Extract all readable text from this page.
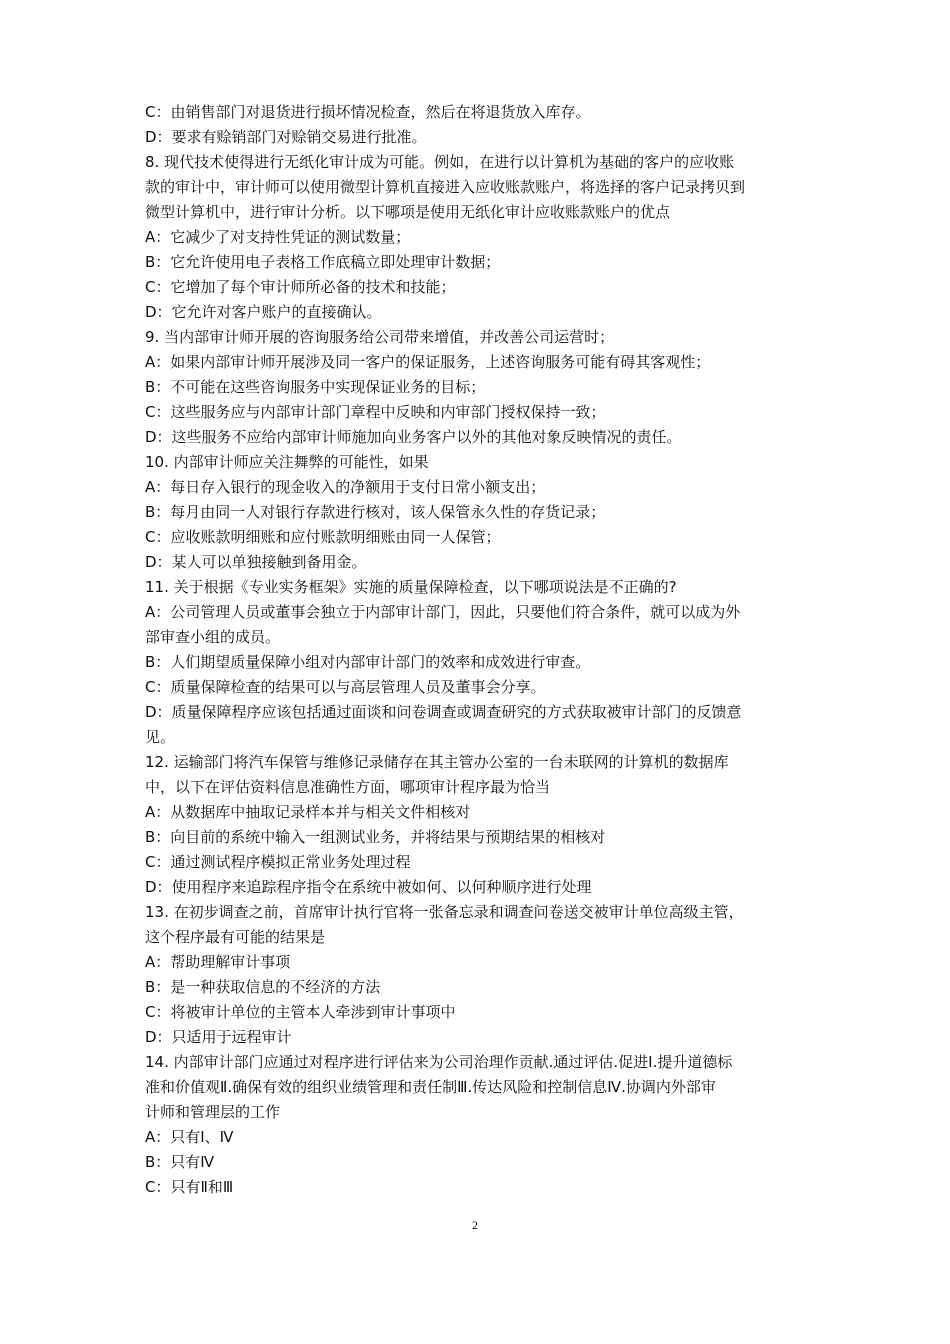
C：由销售部门对退货进行损坏情况检查，然后在将退货放入库存。

D：要求有赊销部门对赊销交易进行批准。

8. 现代技术使得进行无纸化审计成为可能。例如，在进行以计算机为基础的客户的应收账

款的审计中，审计师可以使用微型计算机直接进入应收账款账户，将选择的客户记录拷贝到

微型计算机中，进行审计分析。以下哪项是使用无纸化审计应收账款账户的优点

A：它减少了对支持性凭证的测试数量；

B：它允许使用电子表格工作底稿立即处理审计数据；

C：它增加了每个审计师所必备的技术和技能；

D：它允许对客户账户的直接确认。

9. 当内部审计师开展的咨询服务给公司带来增值，并改善公司运营时；

A：如果内部审计师开展涉及同一客户的保证服务，上述咨询服务可能有碍其客观性；

B：不可能在这些咨询服务中实现保证业务的目标；

C：这些服务应与内部审计部门章程中反映和内审部门授权保持一致；

D：这些服务不应给内部审计师施加向业务客户以外的其他对象反映情况的责任。

10. 内部审计师应关注舞弊的可能性，如果

A：每日存入银行的现金收入的净额用于支付日常小额支出；

B：每月由同一人对银行存款进行核对，该人保管永久性的存货记录；

C：应收账款明细账和应付账款明细账由同一人保管；

D：某人可以单独接触到备用金。

11. 关于根据《专业实务框架》实施的质量保障检查，以下哪项说法是不正确的?

A：公司管理人员或董事会独立于内部审计部门，因此，只要他们符合条件，就可以成为外

部审查小组的成员。

B：人们期望质量保障小组对内部审计部门的效率和成效进行审查。

C：质量保障检查的结果可以与高层管理人员及董事会分享。

D：质量保障程序应该包括通过面谈和问卷调查或调查研究的方式获取被审计部门的反馈意

见。

12. 运输部门将汽车保管与维修记录储存在其主管办公室的一台未联网的计算机的数据库

中，以下在评估资料信息准确性方面，哪项审计程序最为恰当

A：从数据库中抽取记录样本并与相关文件相核对

B：向目前的系统中输入一组测试业务，并将结果与预期结果的相核对

C：通过测试程序模拟正常业务处理过程

D：使用程序来追踪程序指令在系统中被如何、以何种顺序进行处理

13. 在初步调查之前，首席审计执行官将一张备忘录和调查问卷送交被审计单位高级主管，

这个程序最有可能的结果是

A：帮助理解审计事项

B：是一种获取信息的不经济的方法

C：将被审计单位的主管本人牵涉到审计事项中

D：只适用于远程审计

14. 内部审计部门应通过对程序进行评估来为公司治理作贡献.通过评估.促进Ⅰ.提升道德标

准和价值观Ⅱ.确保有效的组织业绩管理和责任制Ⅲ.传达风险和控制信息Ⅳ.协调内外部审

计师和管理层的工作

A：只有Ⅰ、Ⅳ

B：只有Ⅳ

C：只有Ⅱ和Ⅲ

2
